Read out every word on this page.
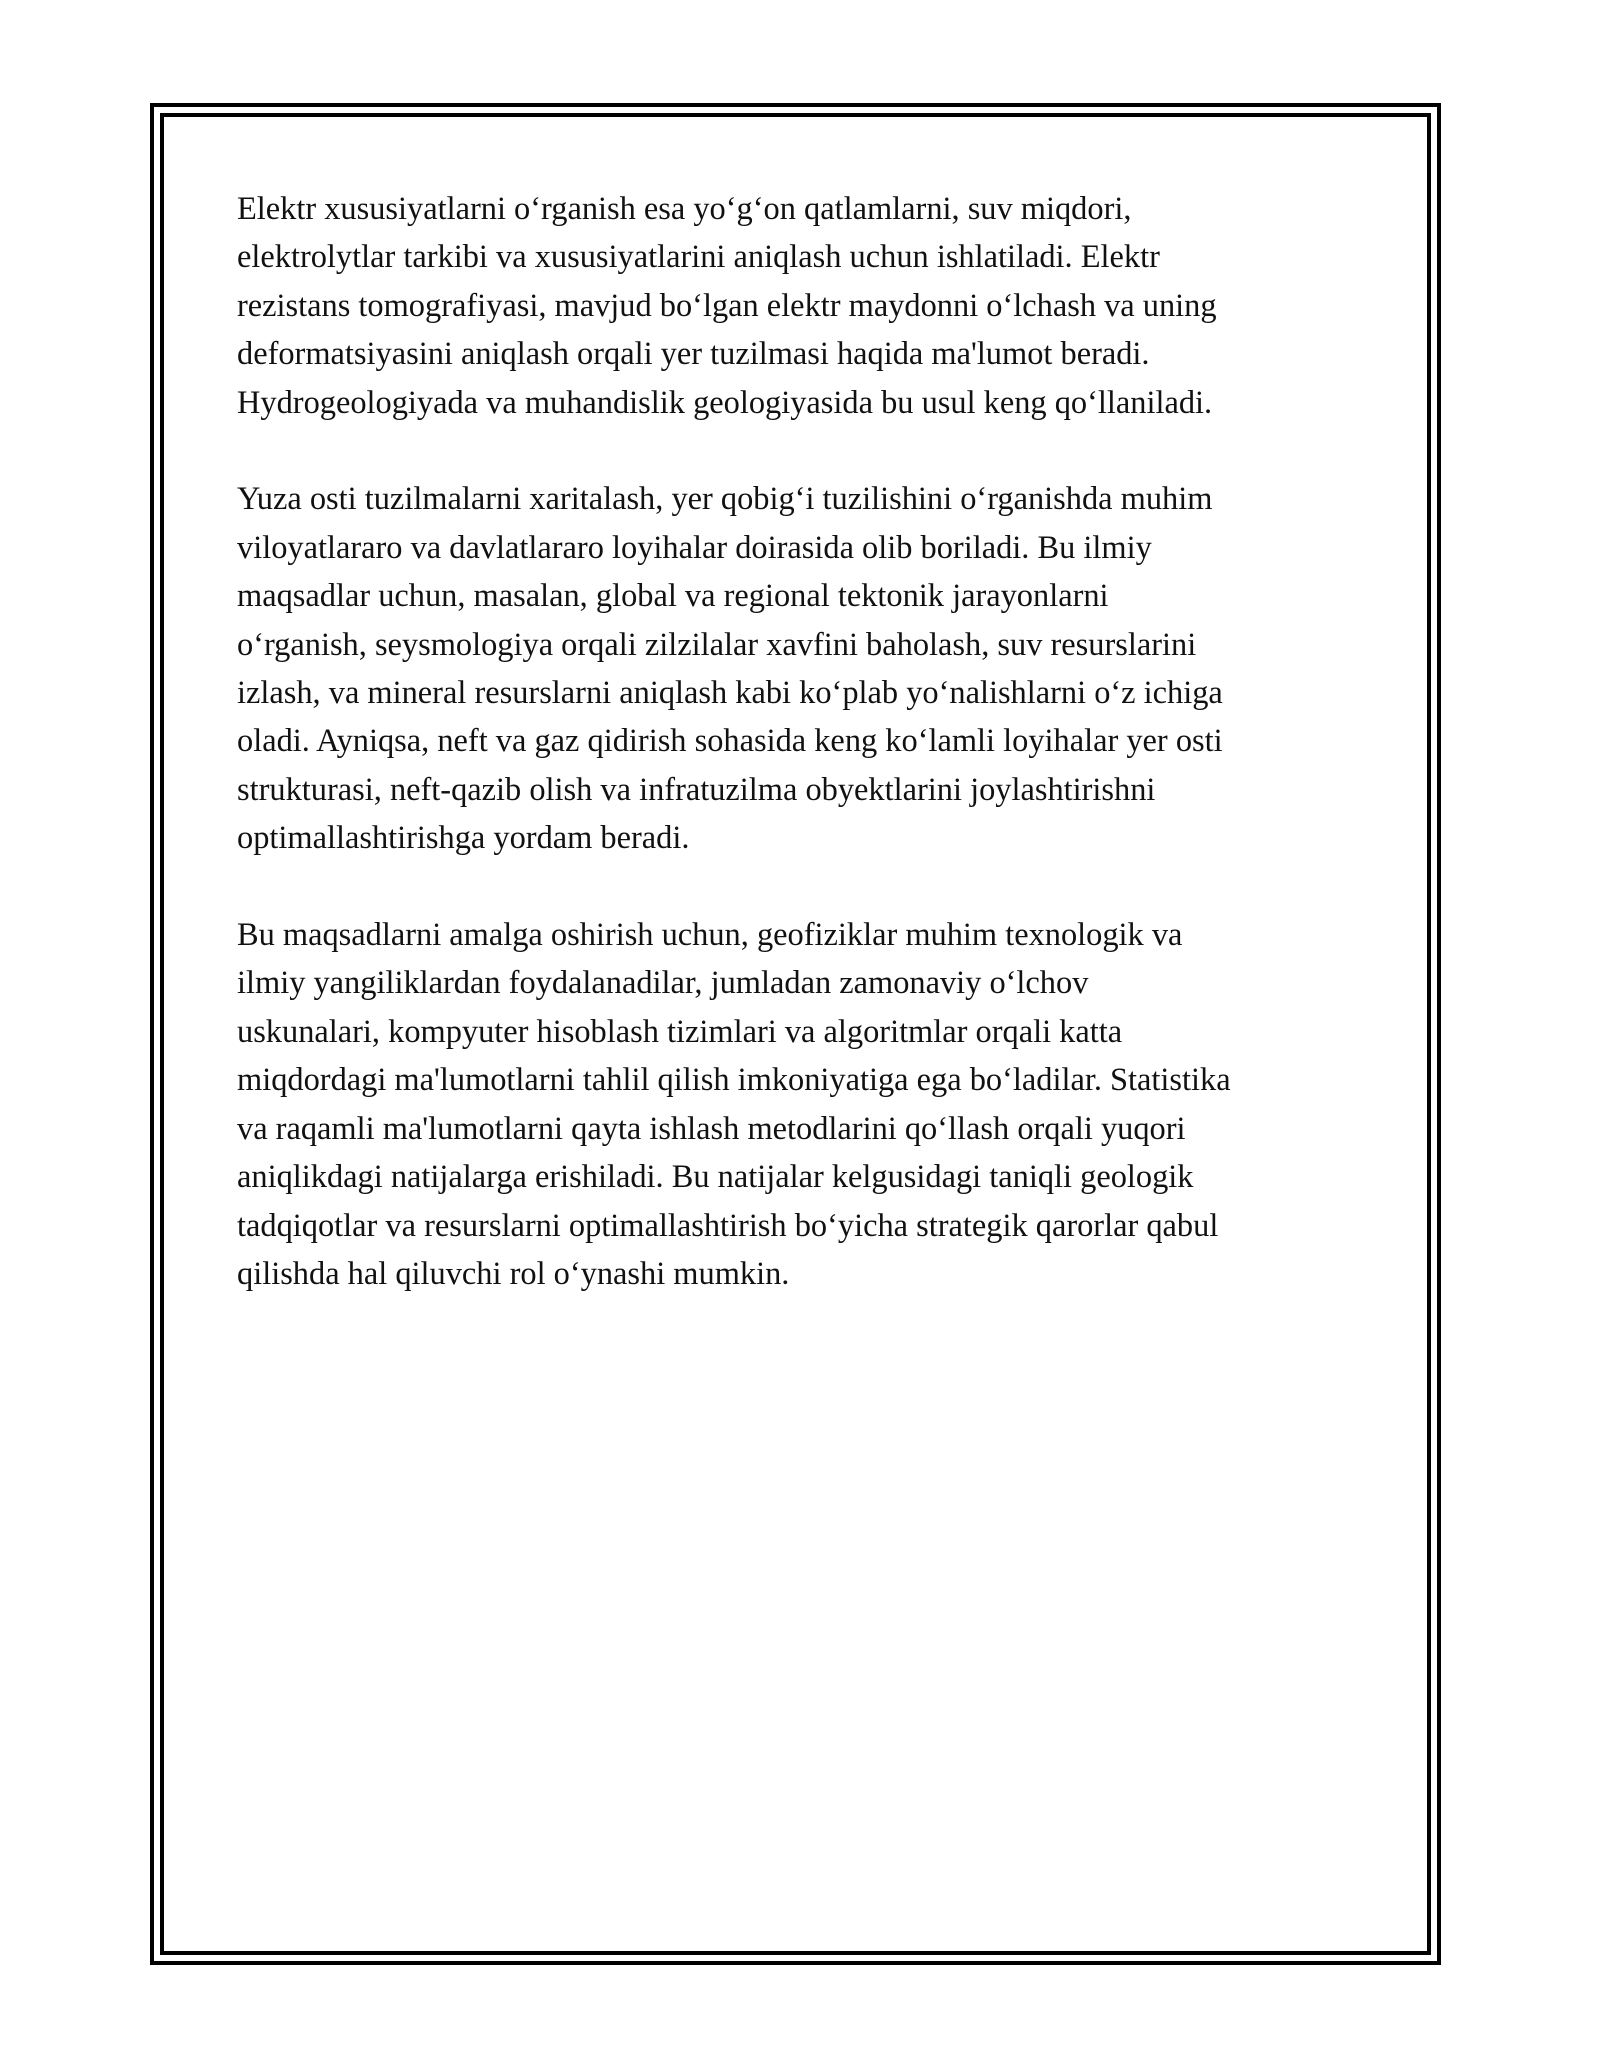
Elektr xususiyatlarni o‘rganish esa yo‘g‘on qatlamlarni, suv miqdori,
elektrolytlar tarkibi va xususiyatlarini aniqlash uchun ishlatiladi. Elektr
rezistans tomografiyasi, mavjud bo‘lgan elektr maydonni o‘lchash va uning
deformatsiyasini aniqlash orqali yer tuzilmasi haqida ma'lumot beradi.
Hydrogeologiyada va muhandislik geologiyasida bu usul keng qo‘llaniladi.

Yuza osti tuzilmalarni xaritalash, yer qobig‘i tuzilishini o‘rganishda muhim
viloyatlararo va davlatlararo loyihalar doirasida olib boriladi. Bu ilmiy
maqsadlar uchun, masalan, global va regional tektonik jarayonlarni
o‘rganish, seysmologiya orqali zilzilalar xavfini baholash, suv resurslarini
izlash, va mineral resurslarni aniqlash kabi ko‘plab yo‘nalishlarni o‘z ichiga
oladi. Ayniqsa, neft va gaz qidirish sohasida keng ko‘lamli loyihalar yer osti
strukturasi, neft-qazib olish va infratuzilma obyektlarini joylashtirishni
optimallashtirishga yordam beradi.

Bu maqsadlarni amalga oshirish uchun, geofiziklar muhim texnologik va
ilmiy yangiliklardan foydalanadilar, jumladan zamonaviy o‘lchov
uskunalari, kompyuter hisoblash tizimlari va algoritmlar orqali katta
miqdordagi ma'lumotlarni tahlil qilish imkoniyatiga ega bo‘ladilar. Statistika
va raqamli ma'lumotlarni qayta ishlash metodlarini qo‘llash orqali yuqori
aniqlikdagi natijalarga erishiladi. Bu natijalar kelgusidagi taniqli geologik
tadqiqotlar va resurslarni optimallashtirish bo‘yicha strategik qarorlar qabul
qilishda hal qiluvchi rol o‘ynashi mumkin.
